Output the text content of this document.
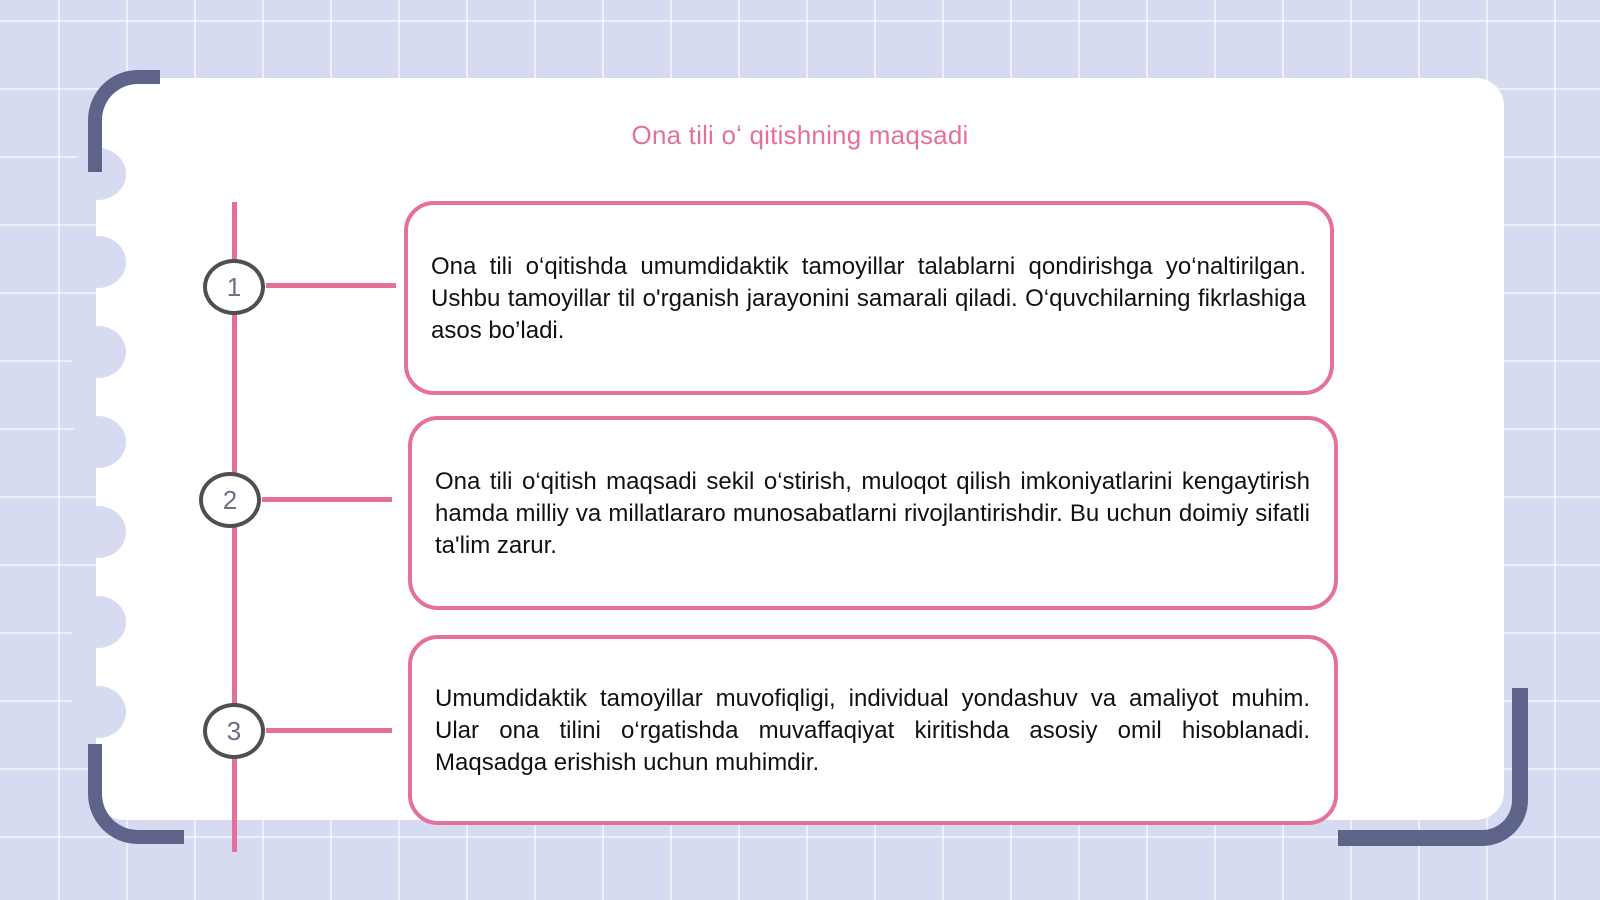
Ona tili oʻ qitishning maqsadi
1
2
3
Ona tili o‘qitishda umumdidaktik tamoyillar talablarni qondirishga yo‘naltirilgan. Ushbu tamoyillar til o'rganish jarayonini samarali qiladi. O‘quvchilarning fikrlashiga asos bo’ladi.
Ona tili o‘qitish maqsadi sekil o‘stirish, muloqot qilish imkoniyatlarini kengaytirish hamda milliy va millatlararo munosabatlarni rivojlantirishdir. Bu uchun doimiy sifatli ta'lim zarur.
Umumdidaktik tamoyillar muvofiqligi, individual yondashuv va amaliyot muhim. Ular ona tilini o‘rgatishda muvaffaqiyat kiritishda asosiy omil hisoblanadi. Maqsadga erishish uchun muhimdir.
